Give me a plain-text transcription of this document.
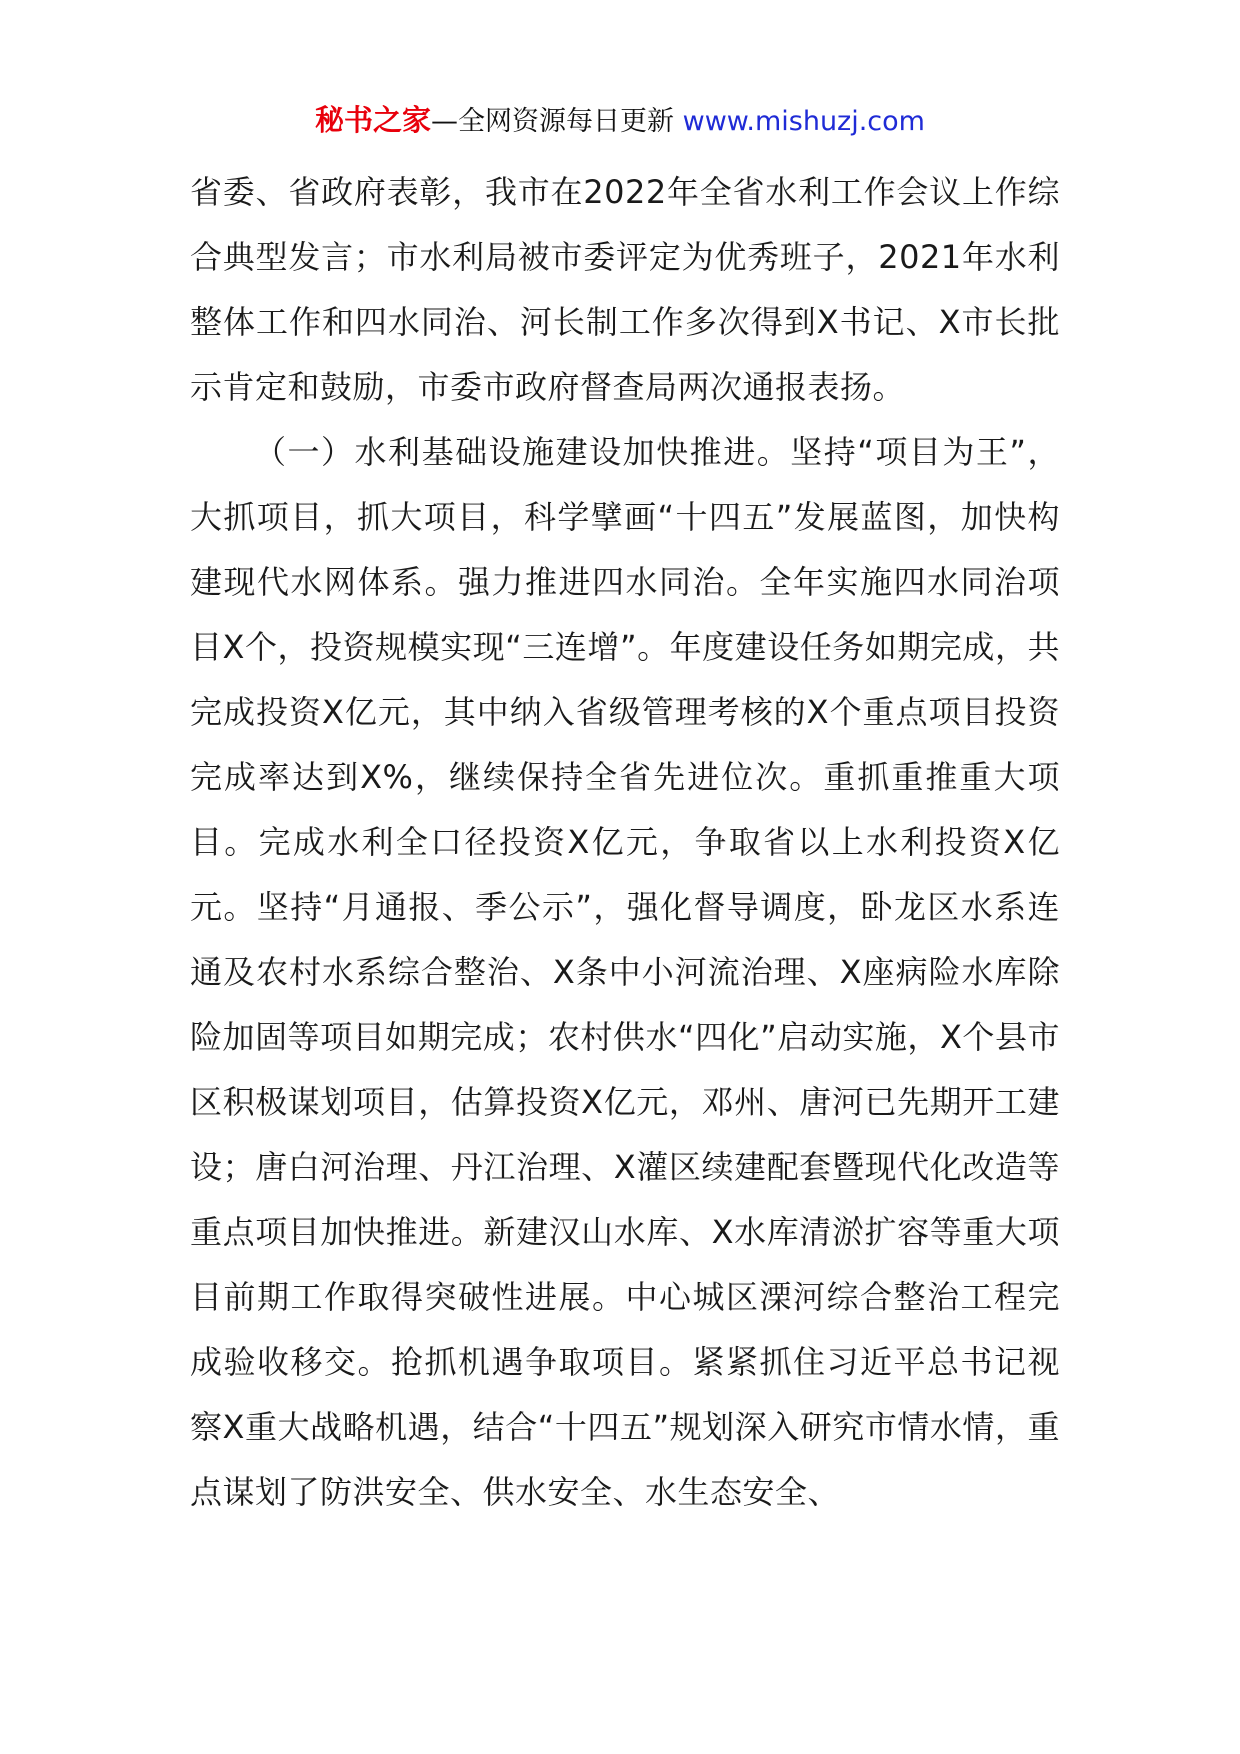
秘书之家—全网资源每日更新 www.mishuzj.com

省委、省政府表彰，我市在2022年全省水利工作会议上作综合典型发言；市水利局被市委评定为优秀班子，2021年水利整体工作和四水同治、河长制工作多次得到X书记、X市长批示肯定和鼓励，市委市政府督查局两次通报表扬。

（一）水利基础设施建设加快推进。坚持“项目为王”，大抓项目，抓大项目，科学擘画“十四五”发展蓝图，加快构建现代水网体系。强力推进四水同治。全年实施四水同治项目X个，投资规模实现“三连增”。年度建设任务如期完成，共完成投资X亿元，其中纳入省级管理考核的X个重点项目投资完成率达到X%，继续保持全省先进位次。重抓重推重大项目。完成水利全口径投资X亿元，争取省以上水利投资X亿元。坚持“月通报、季公示”，强化督导调度，卧龙区水系连通及农村水系综合整治、X条中小河流治理、X座病险水库除险加固等项目如期完成；农村供水“四化”启动实施，X个县市区积极谋划项目，估算投资X亿元，邓州、唐河已先期开工建设；唐白河治理、丹江治理、X灌区续建配套暨现代化改造等重点项目加快推进。新建汉山水库、X水库清淤扩容等重大项目前期工作取得突破性进展。中心城区溧河综合整治工程完成验收移交。抢抓机遇争取项目。紧紧抓住习近平总书记视察X重大战略机遇，结合“十四五”规划深入研究市情水情，重点谋划了防洪安全、供水安全、水生态安全、
